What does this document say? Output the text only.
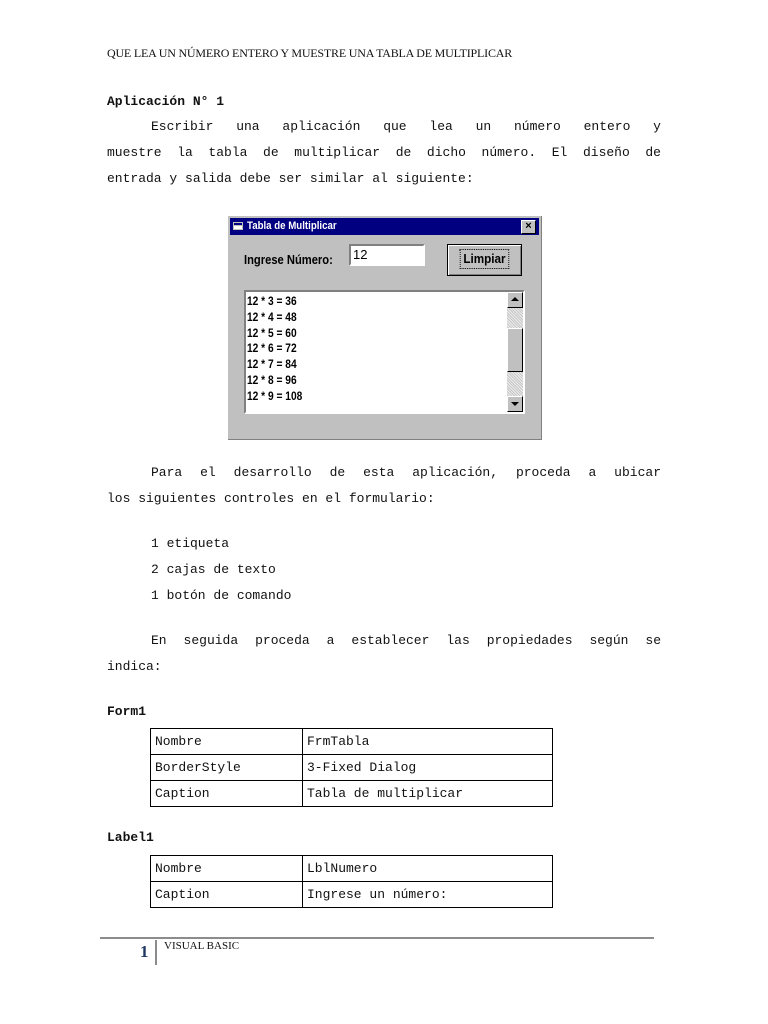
QUE LEA UN NÚMERO ENTERO Y MUESTRE UNA TABLA DE MULTIPLICAR
Aplicación N° 1
Escribir una aplicación que lea un número entero y
muestre la tabla de multiplicar de dicho número. El diseño de
entrada y salida debe ser similar al siguiente:
Tabla de Multiplicar	×
Ingrese Número:	12	Limpiar
12 * 3 = 36
12 * 4 = 48
12 * 5 = 60
12 * 6 = 72
12 * 7 = 84
12 * 8 = 96
12 * 9 = 108
Para el desarrollo de esta aplicación, proceda a ubicar
los siguientes controles en el formulario:
1 etiqueta
2 cajas de texto
1 botón de comando
En seguida proceda a establecer las propiedades según se
indica:
Form1
Nombre	FrmTabla
BorderStyle	3-Fixed Dialog
Caption	Tabla de multiplicar
Label1
Nombre	LblNumero
Caption	Ingrese un número:
1 VISUAL BASIC
